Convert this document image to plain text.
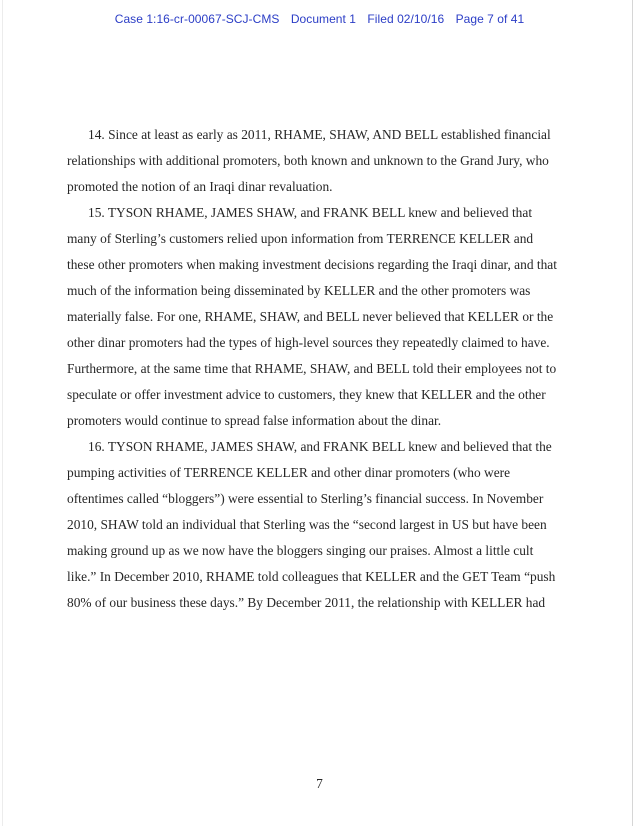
Case 1:16-cr-00067-SCJ-CMS Document 1 Filed 02/10/16 Page 7 of 41

14. Since at least as early as 2011, RHAME, SHAW, AND BELL established financial relationships with additional promoters, both known and unknown to the Grand Jury, who promoted the notion of an Iraqi dinar revaluation.

15. TYSON RHAME, JAMES SHAW, and FRANK BELL knew and believed that many of Sterling’s customers relied upon information from TERRENCE KELLER and these other promoters when making investment decisions regarding the Iraqi dinar, and that much of the information being disseminated by KELLER and the other promoters was materially false. For one, RHAME, SHAW, and BELL never believed that KELLER or the other dinar promoters had the types of high-level sources they repeatedly claimed to have. Furthermore, at the same time that RHAME, SHAW, and BELL told their employees not to speculate or offer investment advice to customers, they knew that KELLER and the other promoters would continue to spread false information about the dinar.

16. TYSON RHAME, JAMES SHAW, and FRANK BELL knew and believed that the pumping activities of TERRENCE KELLER and other dinar promoters (who were oftentimes called “bloggers”) were essential to Sterling’s financial success. In November 2010, SHAW told an individual that Sterling was the “second largest in US but have been making ground up as we now have the bloggers singing our praises. Almost a little cult like.” In December 2010, RHAME told colleagues that KELLER and the GET Team “push 80% of our business these days.” By December 2011, the relationship with KELLER had

7
